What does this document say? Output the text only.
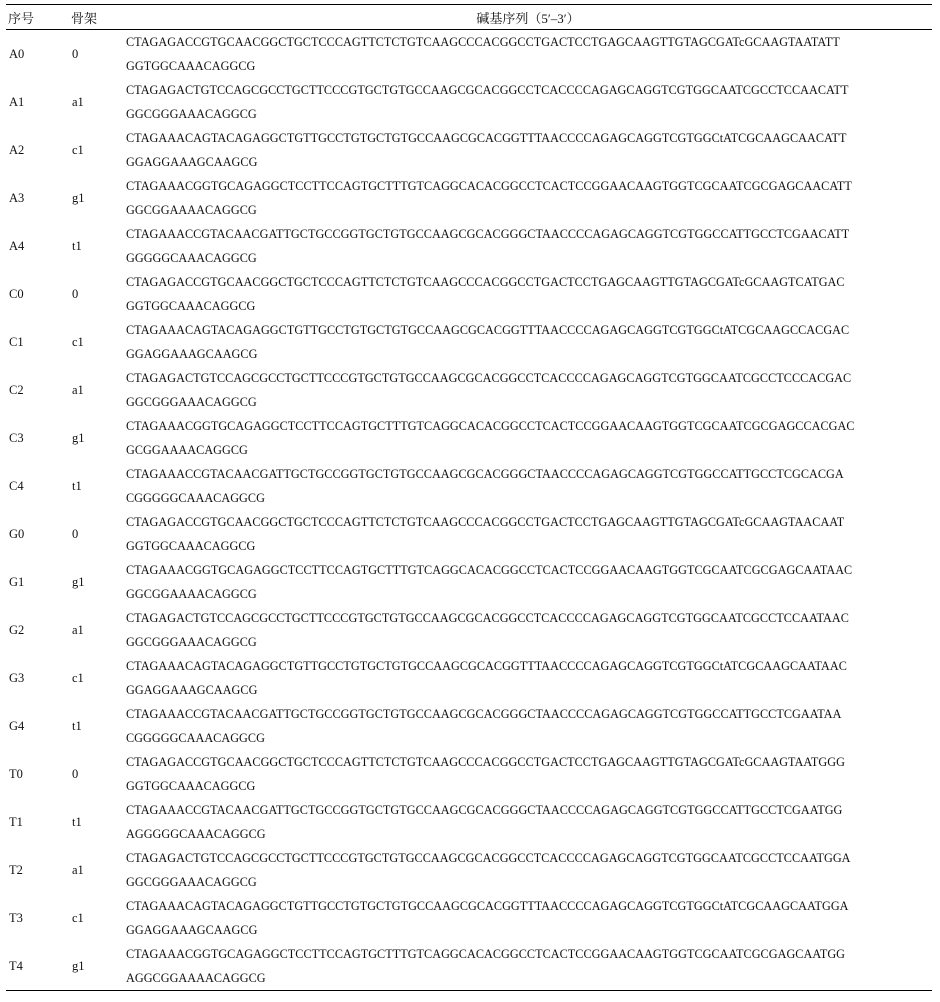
序号	骨架	碱基序列（5′–3′）
A0	0	CTAGAGACCGTGCAACGGCTGCTCCCAGTTCTCTGTCAAGCCCACGGCCTGACTCCTGAGCAAGTTGTAGCGATcGCAAGTAATATT
GGTGGCAAACAGGCG

A1	a1	CTAGAGACTGTCCAGCGCCTGCTTCCCGTGCTGTGCCAAGCGCACGGCCTCACCCCAGAGCAGGTCGTGGCAATCGCCTCCAACATT
GGCGGGAAACAGGCG

A2	c1	CTAGAAACAGTACAGAGGCTGTTGCCTGTGCTGTGCCAAGCGCACGGTTTAACCCCAGAGCAGGTCGTGGCtATCGCAAGCAACATT
GGAGGAAAGCAAGCG

A3	g1	CTAGAAACGGTGCAGAGGCTCCTTCCAGTGCTTTGTCAGGCACACGGCCTCACTCCGGAACAAGTGGTCGCAATCGCGAGCAACATT
GGCGGAAAACAGGCG

A4	t1	CTAGAAACCGTACAACGATTGCTGCCGGTGCTGTGCCAAGCGCACGGGCTAACCCCAGAGCAGGTCGTGGCCATTGCCTCGAACATT
GGGGGCAAACAGGCG

C0	0	CTAGAGACCGTGCAACGGCTGCTCCCAGTTCTCTGTCAAGCCCACGGCCTGACTCCTGAGCAAGTTGTAGCGATcGCAAGTCATGAC
GGTGGCAAACAGGCG

C1	c1	CTAGAAACAGTACAGAGGCTGTTGCCTGTGCTGTGCCAAGCGCACGGTTTAACCCCAGAGCAGGTCGTGGCtATCGCAAGCCACGAC
GGAGGAAAGCAAGCG

C2	a1	CTAGAGACTGTCCAGCGCCTGCTTCCCGTGCTGTGCCAAGCGCACGGCCTCACCCCAGAGCAGGTCGTGGCAATCGCCTCCCACGAC
GGCGGGAAACAGGCG

C3	g1	CTAGAAACGGTGCAGAGGCTCCTTCCAGTGCTTTGTCAGGCACACGGCCTCACTCCGGAACAAGTGGTCGCAATCGCGAGCCACGAC
GCGGAAAACAGGCG

C4	t1	CTAGAAACCGTACAACGATTGCTGCCGGTGCTGTGCCAAGCGCACGGGCTAACCCCAGAGCAGGTCGTGGCCATTGCCTCGCACGA
CGGGGGCAAACAGGCG

G0	0	CTAGAGACCGTGCAACGGCTGCTCCCAGTTCTCTGTCAAGCCCACGGCCTGACTCCTGAGCAAGTTGTAGCGATcGCAAGTAACAAT
GGTGGCAAACAGGCG

G1	g1	CTAGAAACGGTGCAGAGGCTCCTTCCAGTGCTTTGTCAGGCACACGGCCTCACTCCGGAACAAGTGGTCGCAATCGCGAGCAATAAC
GGCGGAAAACAGGCG

G2	a1	CTAGAGACTGTCCAGCGCCTGCTTCCCGTGCTGTGCCAAGCGCACGGCCTCACCCCAGAGCAGGTCGTGGCAATCGCCTCCAATAAC
GGCGGGAAACAGGCG

G3	c1	CTAGAAACAGTACAGAGGCTGTTGCCTGTGCTGTGCCAAGCGCACGGTTTAACCCCAGAGCAGGTCGTGGCtATCGCAAGCAATAAC
GGAGGAAAGCAAGCG

G4	t1	CTAGAAACCGTACAACGATTGCTGCCGGTGCTGTGCCAAGCGCACGGGCTAACCCCAGAGCAGGTCGTGGCCATTGCCTCGAATAA
CGGGGGCAAACAGGCG

T0	0	CTAGAGACCGTGCAACGGCTGCTCCCAGTTCTCTGTCAAGCCCACGGCCTGACTCCTGAGCAAGTTGTAGCGATcGCAAGTAATGGG
GGTGGCAAACAGGCG

T1	t1	CTAGAAACCGTACAACGATTGCTGCCGGTGCTGTGCCAAGCGCACGGGCTAACCCCAGAGCAGGTCGTGGCCATTGCCTCGAATGG
AGGGGGCAAACAGGCG

T2	a1	CTAGAGACTGTCCAGCGCCTGCTTCCCGTGCTGTGCCAAGCGCACGGCCTCACCCCAGAGCAGGTCGTGGCAATCGCCTCCAATGGA
GGCGGGAAACAGGCG

T3	c1	CTAGAAACAGTACAGAGGCTGTTGCCTGTGCTGTGCCAAGCGCACGGTTTAACCCCAGAGCAGGTCGTGGCtATCGCAAGCAATGGA
GGAGGAAAGCAAGCG

T4	g1	CTAGAAACGGTGCAGAGGCTCCTTCCAGTGCTTTGTCAGGCACACGGCCTCACTCCGGAACAAGTGGTCGCAATCGCGAGCAATGG
AGGCGGAAAACAGGCG
